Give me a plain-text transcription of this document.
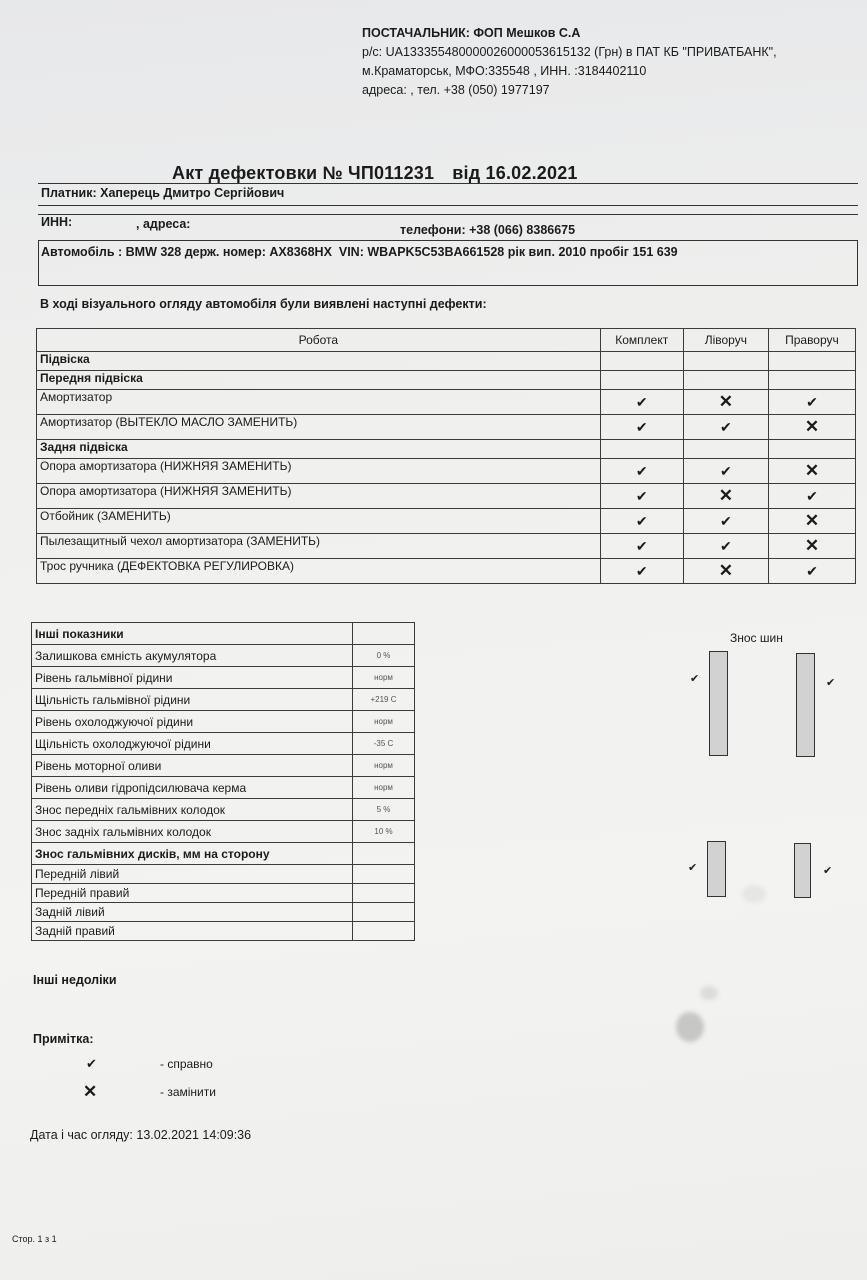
ПОСТАЧАЛЬНИК: ФОП Мешков С.А
р/с: UA133355480000026000053615132 (Грн) в ПАТ КБ "ПРИВАТБАНК",
м.Краматорськ, МФО:335548 , ИНН. :3184402110
адреса: , тел. +38 (050) 1977197
Акт дефектовки № ЧП011231 від 16.02.2021
Платник: Хаперець Дмитро Сергійович
ИНН:	, адреса:	телефони: +38 (066) 8386675
Автомобіль : BMW 328 держ. номер: АХ8368НХ VIN: WBAPK5C53BA661528 рік вип. 2010 пробіг 151 639
В ході візуального огляду автомобіля були виявлені наступні дефекти:
Робота	Комплект	Ліворуч	Праворуч
Підвіска			
Передня підвіска			
Амортизатор	✔	✕	✔
Амортизатор (ВЫТЕКЛО МАСЛО ЗАМЕНИТЬ)	✔	✔	✕
Задня підвіска			
Опора амортизатора (НИЖНЯЯ ЗАМЕНИТЬ)	✔	✔	✕
Опора амортизатора (НИЖНЯЯ ЗАМЕНИТЬ)	✔	✕	✔
Отбойник (ЗАМЕНИТЬ)	✔	✔	✕
Пылезащитный чехол амортизатора (ЗАМЕНИТЬ)	✔	✔	✕
Трос ручника (ДЕФЕКТОВКА РЕГУЛИРОВКА)	✔	✕	✔
Інші показники	
Залишкова ємність акумулятора	0 %
Рівень гальмівної рідини	норм
Щільність гальмівної рідини	+219 C
Рівень охолоджуючої рідини	норм
Щільність охолоджуючої рідини	-35 C
Рівень моторної оливи	норм
Рівень оливи гідропідсилювача керма	норм
Знос передніх гальмівних колодок	5 %
Знос задніх гальмівних колодок	10 %
Знос гальмівних дисків, мм на сторону	
Передній лівий	
Передній правий	
Задній лівий	
Задній правий	
Знос шин
✔	✔
✔	✔
Інші недоліки
Примітка:
✔	- справно
✕	- замінити
Дата і час огляду: 13.02.2021 14:09:36
Стор. 1 з 1
